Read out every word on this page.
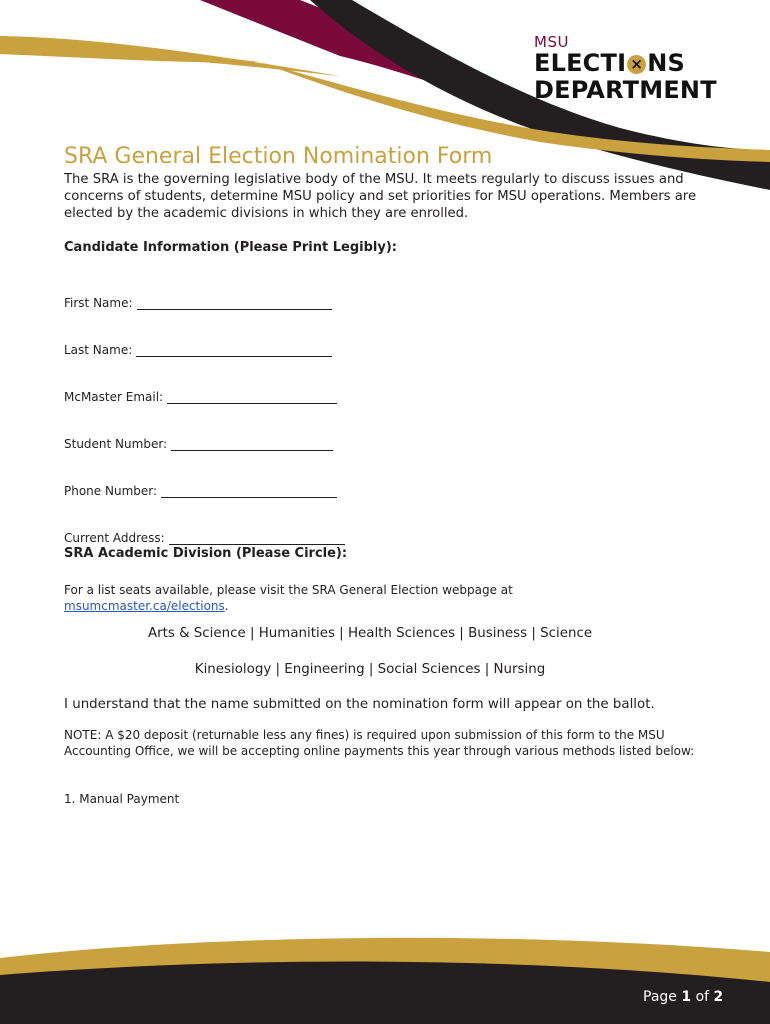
MSU
ELECTI × NS
DEPARTMENT
SRA General Election Nomination Form
The SRA is the governing legislative body of the MSU. It meets regularly to discuss issues and concerns of students, determine MSU policy and set priorities for MSU operations. Members are elected by the academic divisions in which they are enrolled.
Candidate Information (Please Print Legibly):
First Name:
Last Name:
McMaster Email:
Student Number:
Phone Number:
Current Address:
SRA Academic Division (Please Circle):
For a list seats available, please visit the SRA General Election webpage at
msumcmaster.ca/elections.
Arts & Science | Humanities | Health Sciences | Business | Science
Kinesiology | Engineering | Social Sciences | Nursing
I understand that the name submitted on the nomination form will appear on the ballot.
NOTE: A $20 deposit (returnable less any fines) is required upon submission of this form to the MSU Accounting Office, we will be accepting online payments this year through various methods listed below:
1. Manual Payment
Page 1 of 2
